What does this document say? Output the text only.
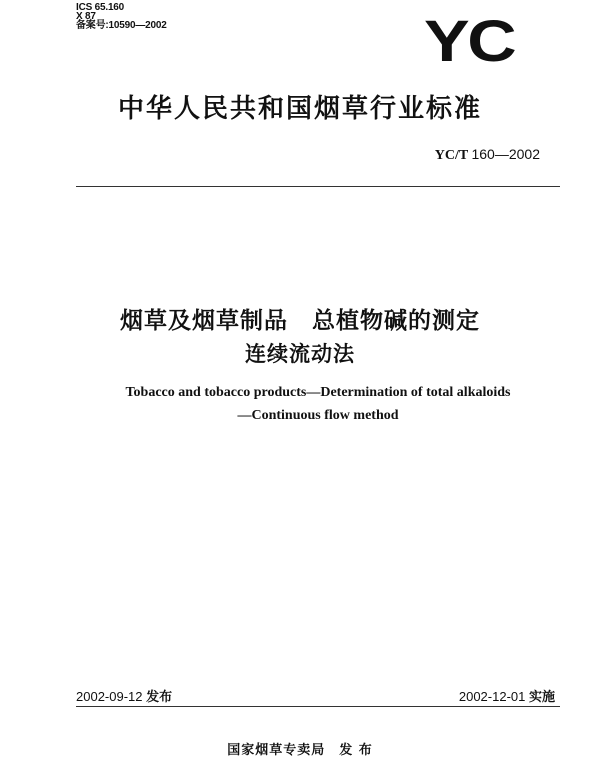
ICS 65.160
X 87
备案号:10590—2002	YC
中华人民共和国烟草行业标准
YC/T 160—2002
烟草及烟草制品　总植物碱的测定
连续流动法
Tobacco and tobacco products—Determination of total alkaloids
—Continuous flow method
2002-09-12 发布	2002-12-01 实施
国家烟草专卖局　发 布
